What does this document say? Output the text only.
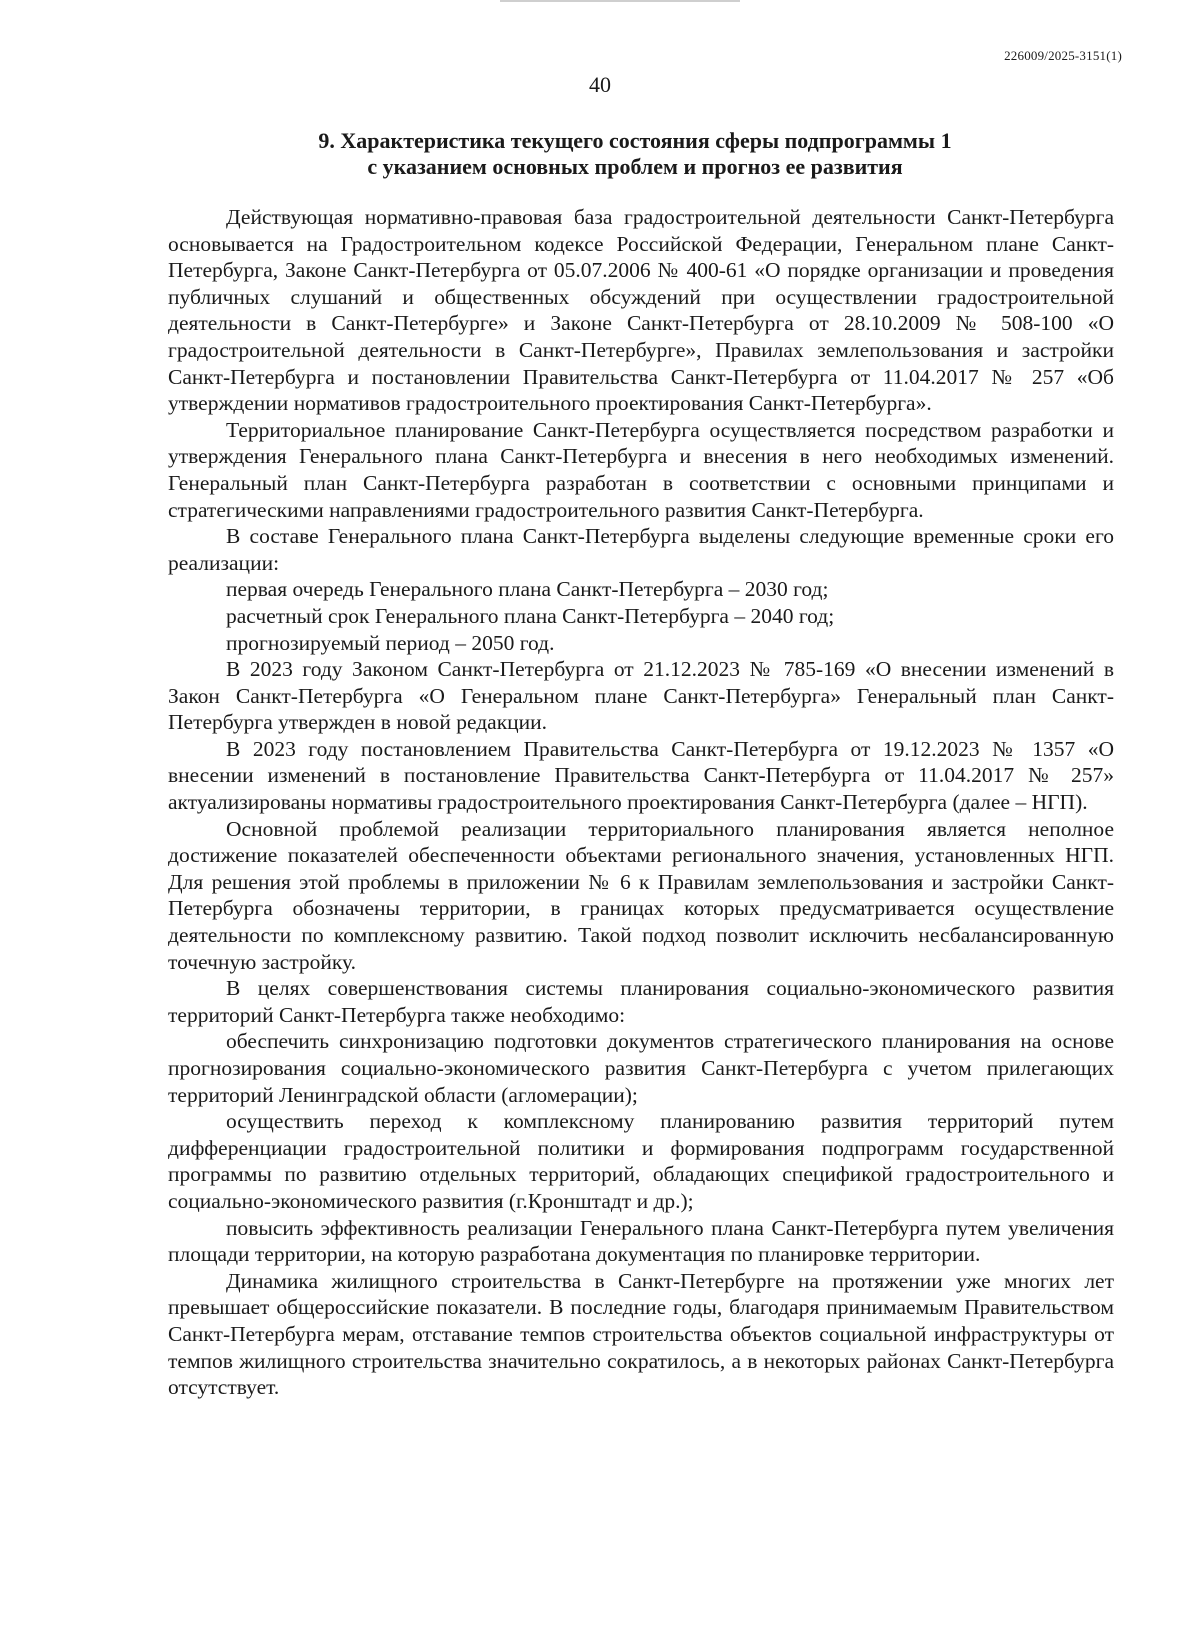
226009/2025-3151(1)
40
9. Характеристика текущего состояния сферы подпрограммы 1
с указанием основных проблем и прогноз ее развития

Действующая нормативно-правовая база градостроительной деятельности Санкт-Петербурга основывается на Градостроительном кодексе Российской Федерации, Генеральном плане Санкт-Петербурга, Законе Санкт-Петербурга от 05.07.2006 № 400-61 «О порядке организации и проведения публичных слушаний и общественных обсуждений при осуществлении градостроительной деятельности в Санкт-Петербурге» и Законе Санкт-Петербурга от 28.10.2009 № 508-100 «О градостроительной деятельности в Санкт-Петербурге», Правилах землепользования и застройки Санкт-Петербурга и постановлении Правительства Санкт-Петербурга от 11.04.2017 № 257 «Об утверждении нормативов градостроительного проектирования Санкт-Петербурга».

Территориальное планирование Санкт-Петербурга осуществляется посредством разработки и утверждения Генерального плана Санкт-Петербурга и внесения в него необходимых изменений. Генеральный план Санкт-Петербурга разработан в соответствии с основными принципами и стратегическими направлениями градостроительного развития Санкт-Петербурга.

В составе Генерального плана Санкт-Петербурга выделены следующие временные сроки его реализации:

первая очередь Генерального плана Санкт-Петербурга – 2030 год;

расчетный срок Генерального плана Санкт-Петербурга – 2040 год;

прогнозируемый период – 2050 год.

В 2023 году Законом Санкт-Петербурга от 21.12.2023 № 785-169 «О внесении изменений в Закон Санкт-Петербурга «О Генеральном плане Санкт-Петербурга» Генеральный план Санкт-Петербурга утвержден в новой редакции.

В 2023 году постановлением Правительства Санкт-Петербурга от 19.12.2023 № 1357 «О внесении изменений в постановление Правительства Санкт-Петербурга от 11.04.2017 № 257» актуализированы нормативы градостроительного проектирования Санкт-Петербурга (далее – НГП).

Основной проблемой реализации территориального планирования является неполное достижение показателей обеспеченности объектами регионального значения, установленных НГП. Для решения этой проблемы в приложении № 6 к Правилам землепользования и застройки Санкт-Петербурга обозначены территории, в границах которых предусматривается осуществление деятельности по комплексному развитию. Такой подход позволит исключить несбалансированную точечную застройку.

В целях совершенствования системы планирования социально-экономического развития территорий Санкт-Петербурга также необходимо:

обеспечить синхронизацию подготовки документов стратегического планирования на основе прогнозирования социально-экономического развития Санкт-Петербурга с учетом прилегающих территорий Ленинградской области (агломерации);

осуществить переход к комплексному планированию развития территорий путем дифференциации градостроительной политики и формирования подпрограмм государственной программы по развитию отдельных территорий, обладающих спецификой градостроительного и социально-экономического развития (г.Кронштадт и др.);

повысить эффективность реализации Генерального плана Санкт-Петербурга путем увеличения площади территории, на которую разработана документация по планировке территории.

Динамика жилищного строительства в Санкт-Петербурге на протяжении уже многих лет превышает общероссийские показатели. В последние годы, благодаря принимаемым Правительством Санкт-Петербурга мерам, отставание темпов строительства объектов социальной инфраструктуры от темпов жилищного строительства значительно сократилось, а в некоторых районах Санкт-Петербурга отсутствует.
